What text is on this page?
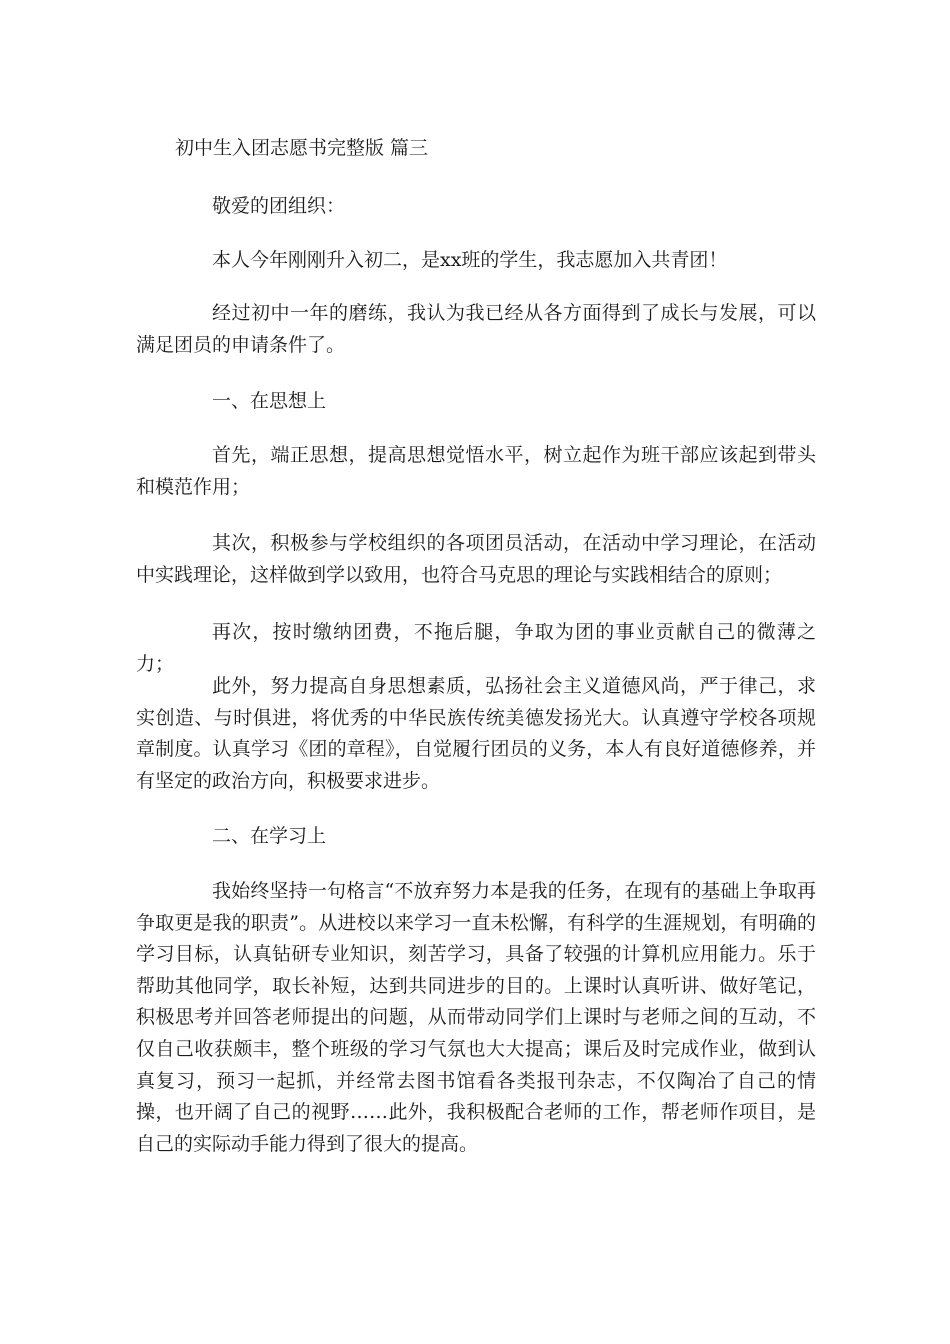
初中生入团志愿书完整版 篇三

敬爱的团组织：

本人今年刚刚升入初二，是xx班的学生，我志愿加入共青团！

经过初中一年的磨练，我认为我已经从各方面得到了成长与发展，可以满足团员的申请条件了。

一、在思想上

首先，端正思想，提高思想觉悟水平，树立起作为班干部应该起到带头和模范作用；

其次，积极参与学校组织的各项团员活动，在活动中学习理论，在活动中实践理论，这样做到学以致用，也符合马克思的理论与实践相结合的原则；

再次，按时缴纳团费，不拖后腿，争取为团的事业贡献自己的微薄之力；

此外，努力提高自身思想素质，弘扬社会主义道德风尚，严于律己，求实创造、与时俱进，将优秀的中华民族传统美德发扬光大。认真遵守学校各项规章制度。认真学习《团的章程》，自觉履行团员的义务，本人有良好道德修养，并有坚定的政治方向，积极要求进步。

二、在学习上

我始终坚持一句格言“不放弃努力本是我的任务，在现有的基础上争取再争取更是我的职责”。从进校以来学习一直未松懈，有科学的生涯规划，有明确的学习目标，认真钻研专业知识，刻苦学习，具备了较强的计算机应用能力。乐于帮助其他同学，取长补短，达到共同进步的目的。上课时认真听讲、做好笔记，积极思考并回答老师提出的问题，从而带动同学们上课时与老师之间的互动，不仅自己收获颇丰，整个班级的学习气氛也大大提高；课后及时完成作业，做到认真复习，预习一起抓，并经常去图书馆看各类报刊杂志，不仅陶冶了自己的情操，也开阔了自己的视野……此外，我积极配合老师的工作，帮老师作项目，是自己的实际动手能力得到了很大的提高。
